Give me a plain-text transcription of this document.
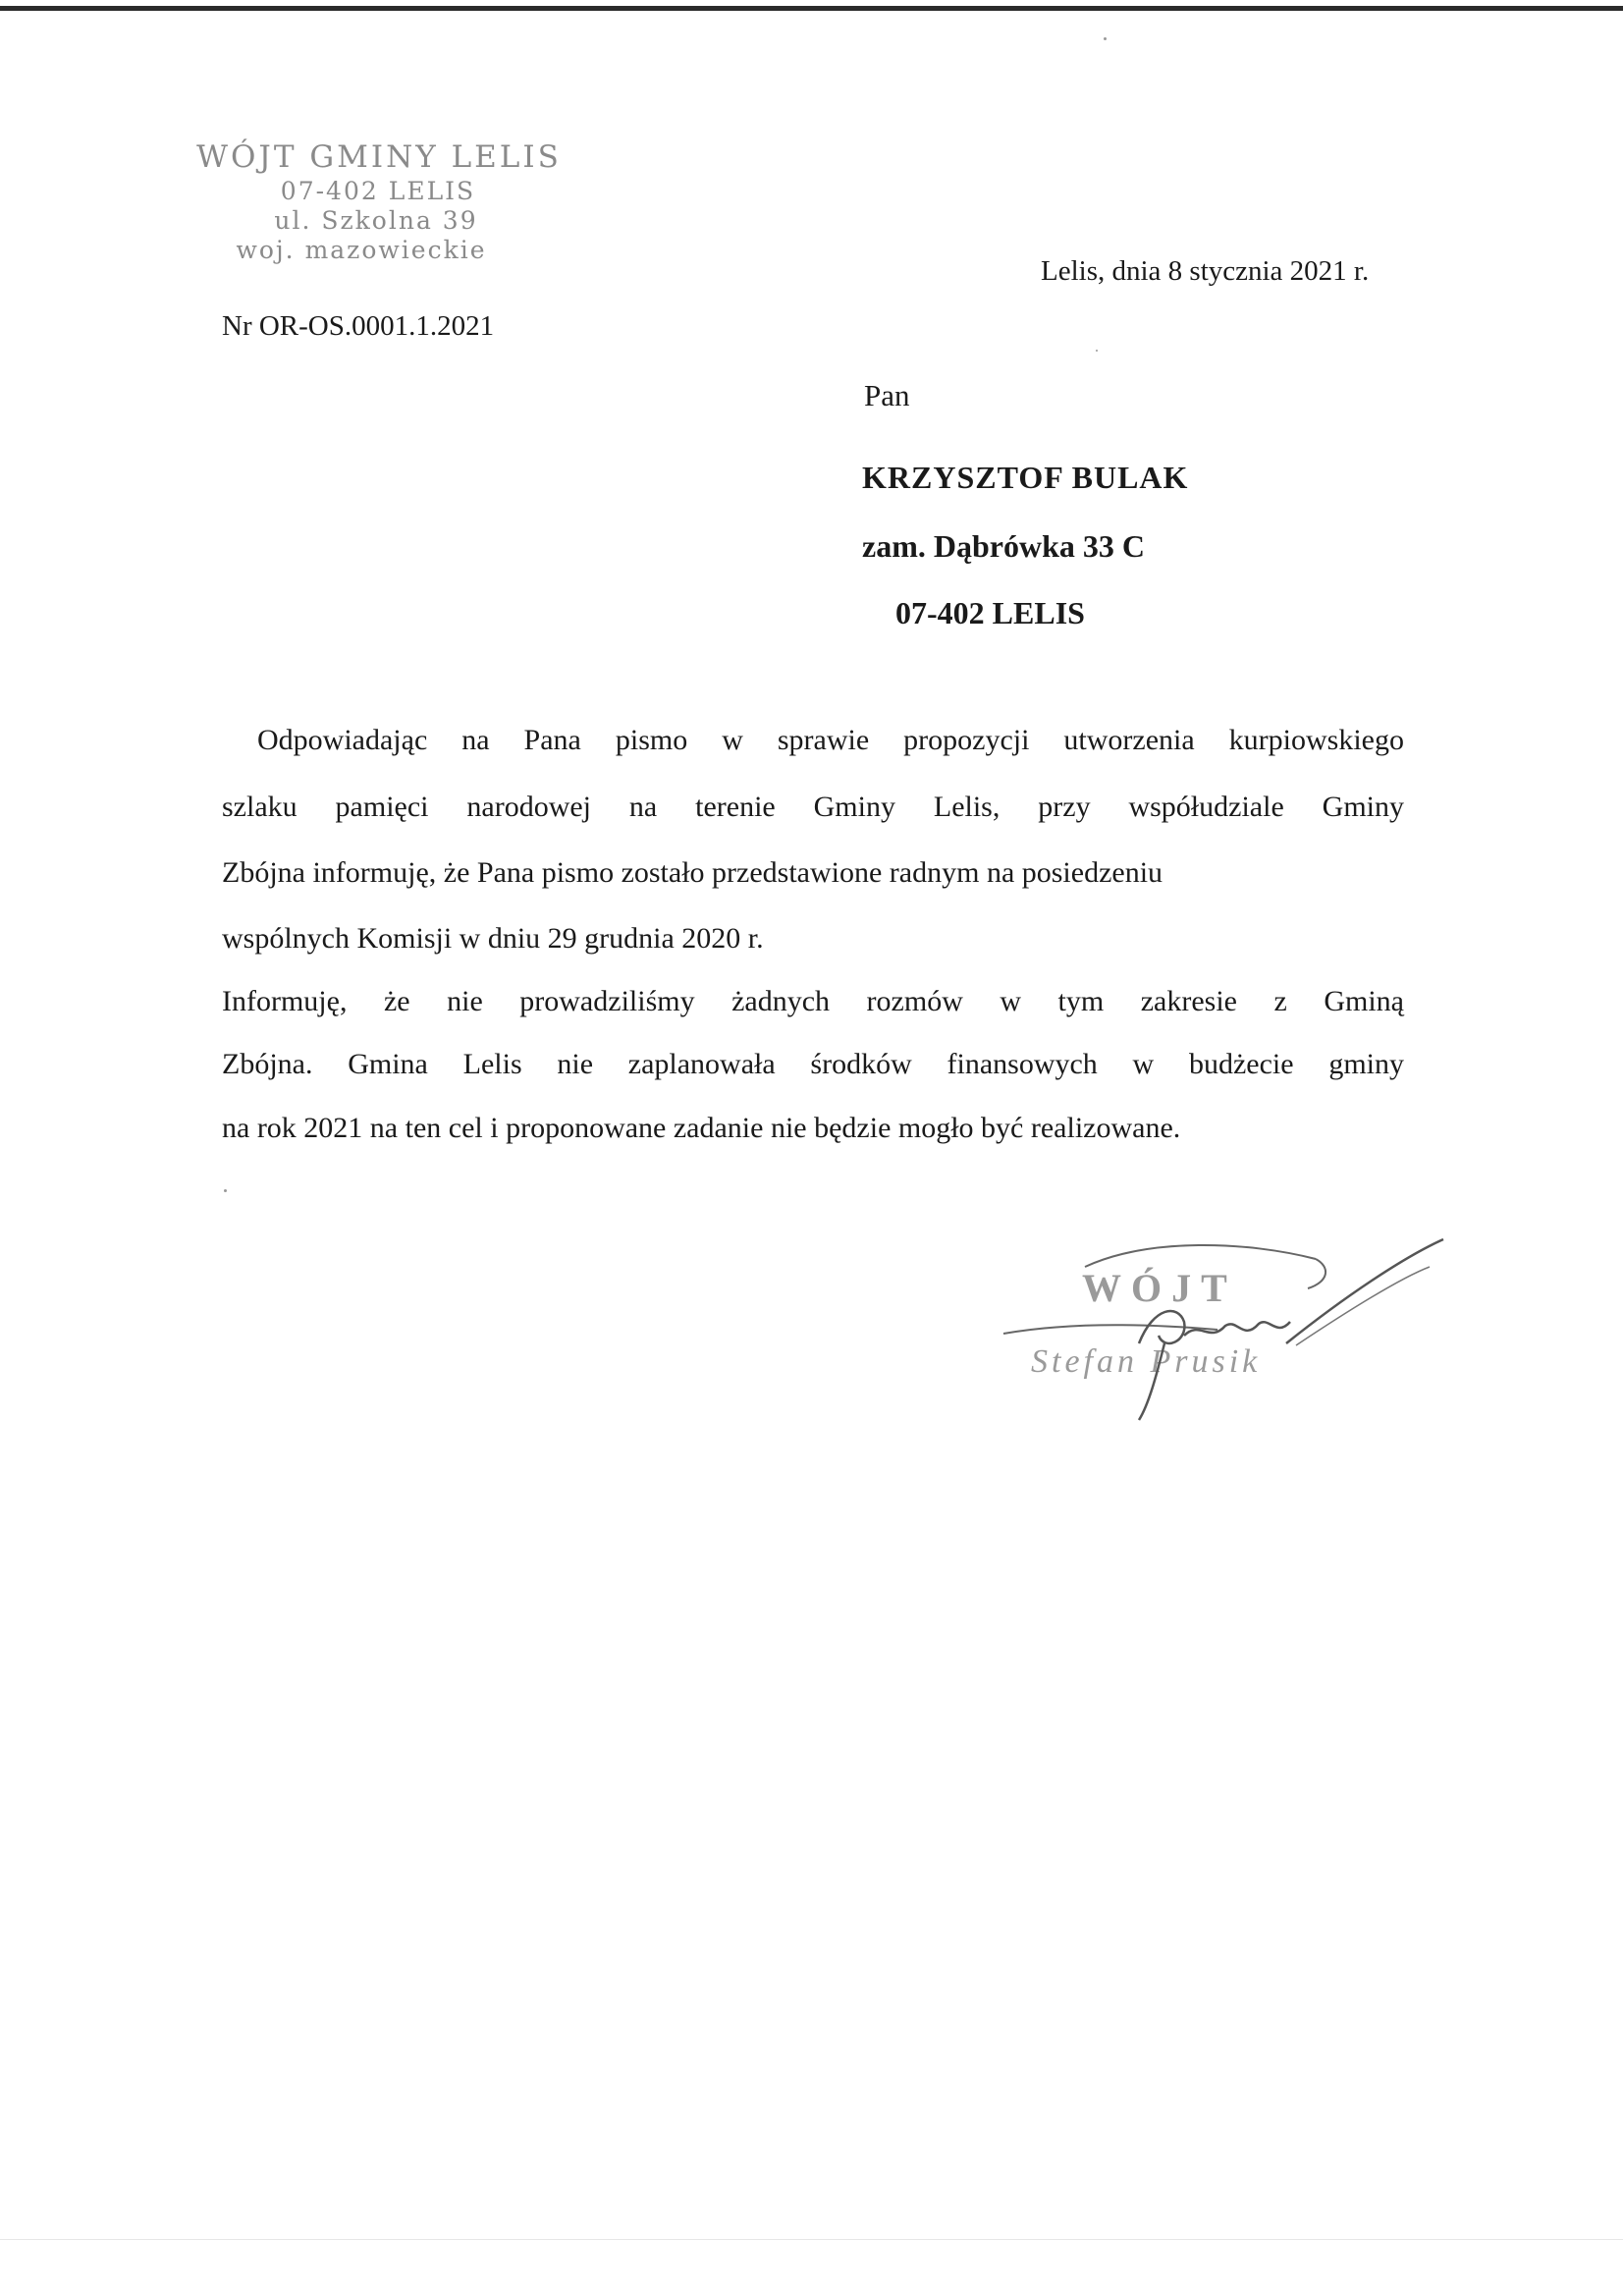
WÓJT GMINY LELIS
07-402 LELIS
ul. Szkolna 39
woj. mazowieckie
Lelis, dnia 8 stycznia 2021 r.
Nr OR-OS.0001.1.2021
Pan
KRZYSZTOF BULAK
zam. Dąbrówka 33 C
07-402 LELIS
Odpowiadając na Pana pismo w sprawie propozycji utworzenia kurpiowskiego
szlaku pamięci narodowej na terenie Gminy Lelis, przy współudziale Gminy
Zbójna informuję, że Pana pismo zostało przedstawione radnym na posiedzeniu
wspólnych Komisji w dniu 29 grudnia 2020 r.
Informuję, że nie prowadziliśmy żadnych rozmów w tym zakresie z Gminą
Zbójna. Gmina Lelis nie zaplanowała środków finansowych w budżecie gminy
na rok 2021 na ten cel i proponowane zadanie nie będzie mogło być realizowane.
WÓJT
Stefan Prusik
